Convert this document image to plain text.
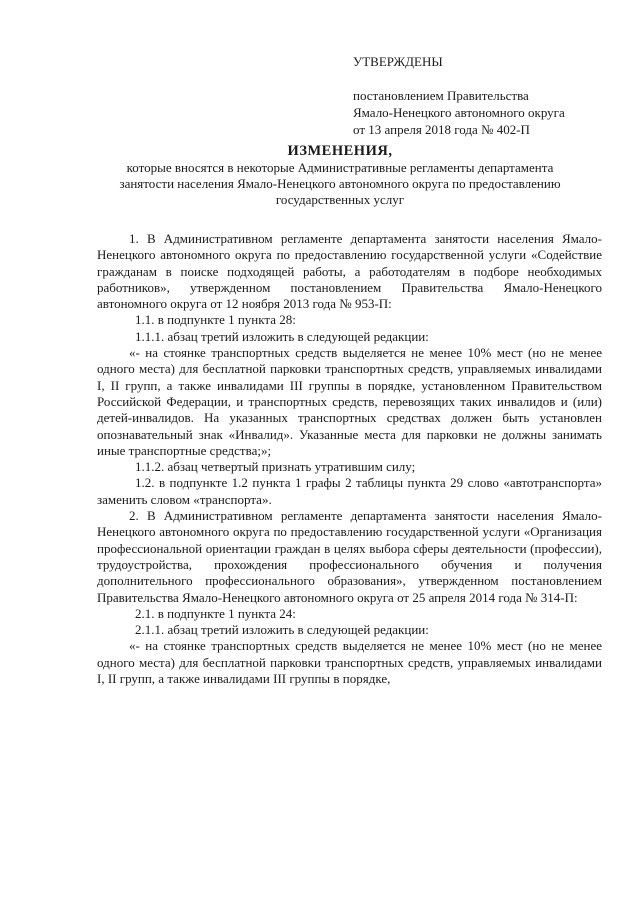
УТВЕРЖДЕНЫ
постановлением Правительства
Ямало-Ненецкого автономного округа
от 13 апреля 2018 года № 402-П
ИЗМЕНЕНИЯ,
которые вносятся в некоторые Административные регламенты департамента
занятости населения Ямало-Ненецкого автономного округа по предоставлению
государственных услуг

1. В Административном регламенте департамента занятости населения Ямало-Ненецкого автономного округа по предоставлению государственной услуги «Содействие гражданам в поиске подходящей работы, а работодателям в подборе необходимых работников», утвержденном постановлением Правительства Ямало-Ненецкого автономного округа от 12 ноября 2013 года № 953-П:

1.1. в подпункте 1 пункта 28:

1.1.1. абзац третий изложить в следующей редакции:

«- на стоянке транспортных средств выделяется не менее 10% мест (но не менее одного места) для бесплатной парковки транспортных средств, управляемых инвалидами I, II групп, а также инвалидами III группы в порядке, установленном Правительством Российской Федерации, и транспортных средств, перевозящих таких инвалидов и (или) детей-инвалидов. На указанных транспортных средствах должен быть установлен опознавательный знак «Инвалид». Указанные места для парковки не должны занимать иные транспортные средства;»;

1.1.2. абзац четвертый признать утратившим силу;

1.2. в подпункте 1.2 пункта 1 графы 2 таблицы пункта 29 слово «автотранспорта» заменить словом «транспорта».

2. В Административном регламенте департамента занятости населения Ямало-Ненецкого автономного округа по предоставлению государственной услуги «Организация профессиональной ориентации граждан в целях выбора сферы деятельности (профессии), трудоустройства, прохождения профессионального обучения и получения дополнительного профессионального образования», утвержденном постановлением Правительства Ямало-Ненецкого автономного округа от 25 апреля 2014 года № 314-П:

2.1. в подпункте 1 пункта 24:

2.1.1. абзац третий изложить в следующей редакции:

«- на стоянке транспортных средств выделяется не менее 10% мест (но не менее одного места) для бесплатной парковки транспортных средств, управляемых инвалидами I, II групп, а также инвалидами III группы в порядке,
